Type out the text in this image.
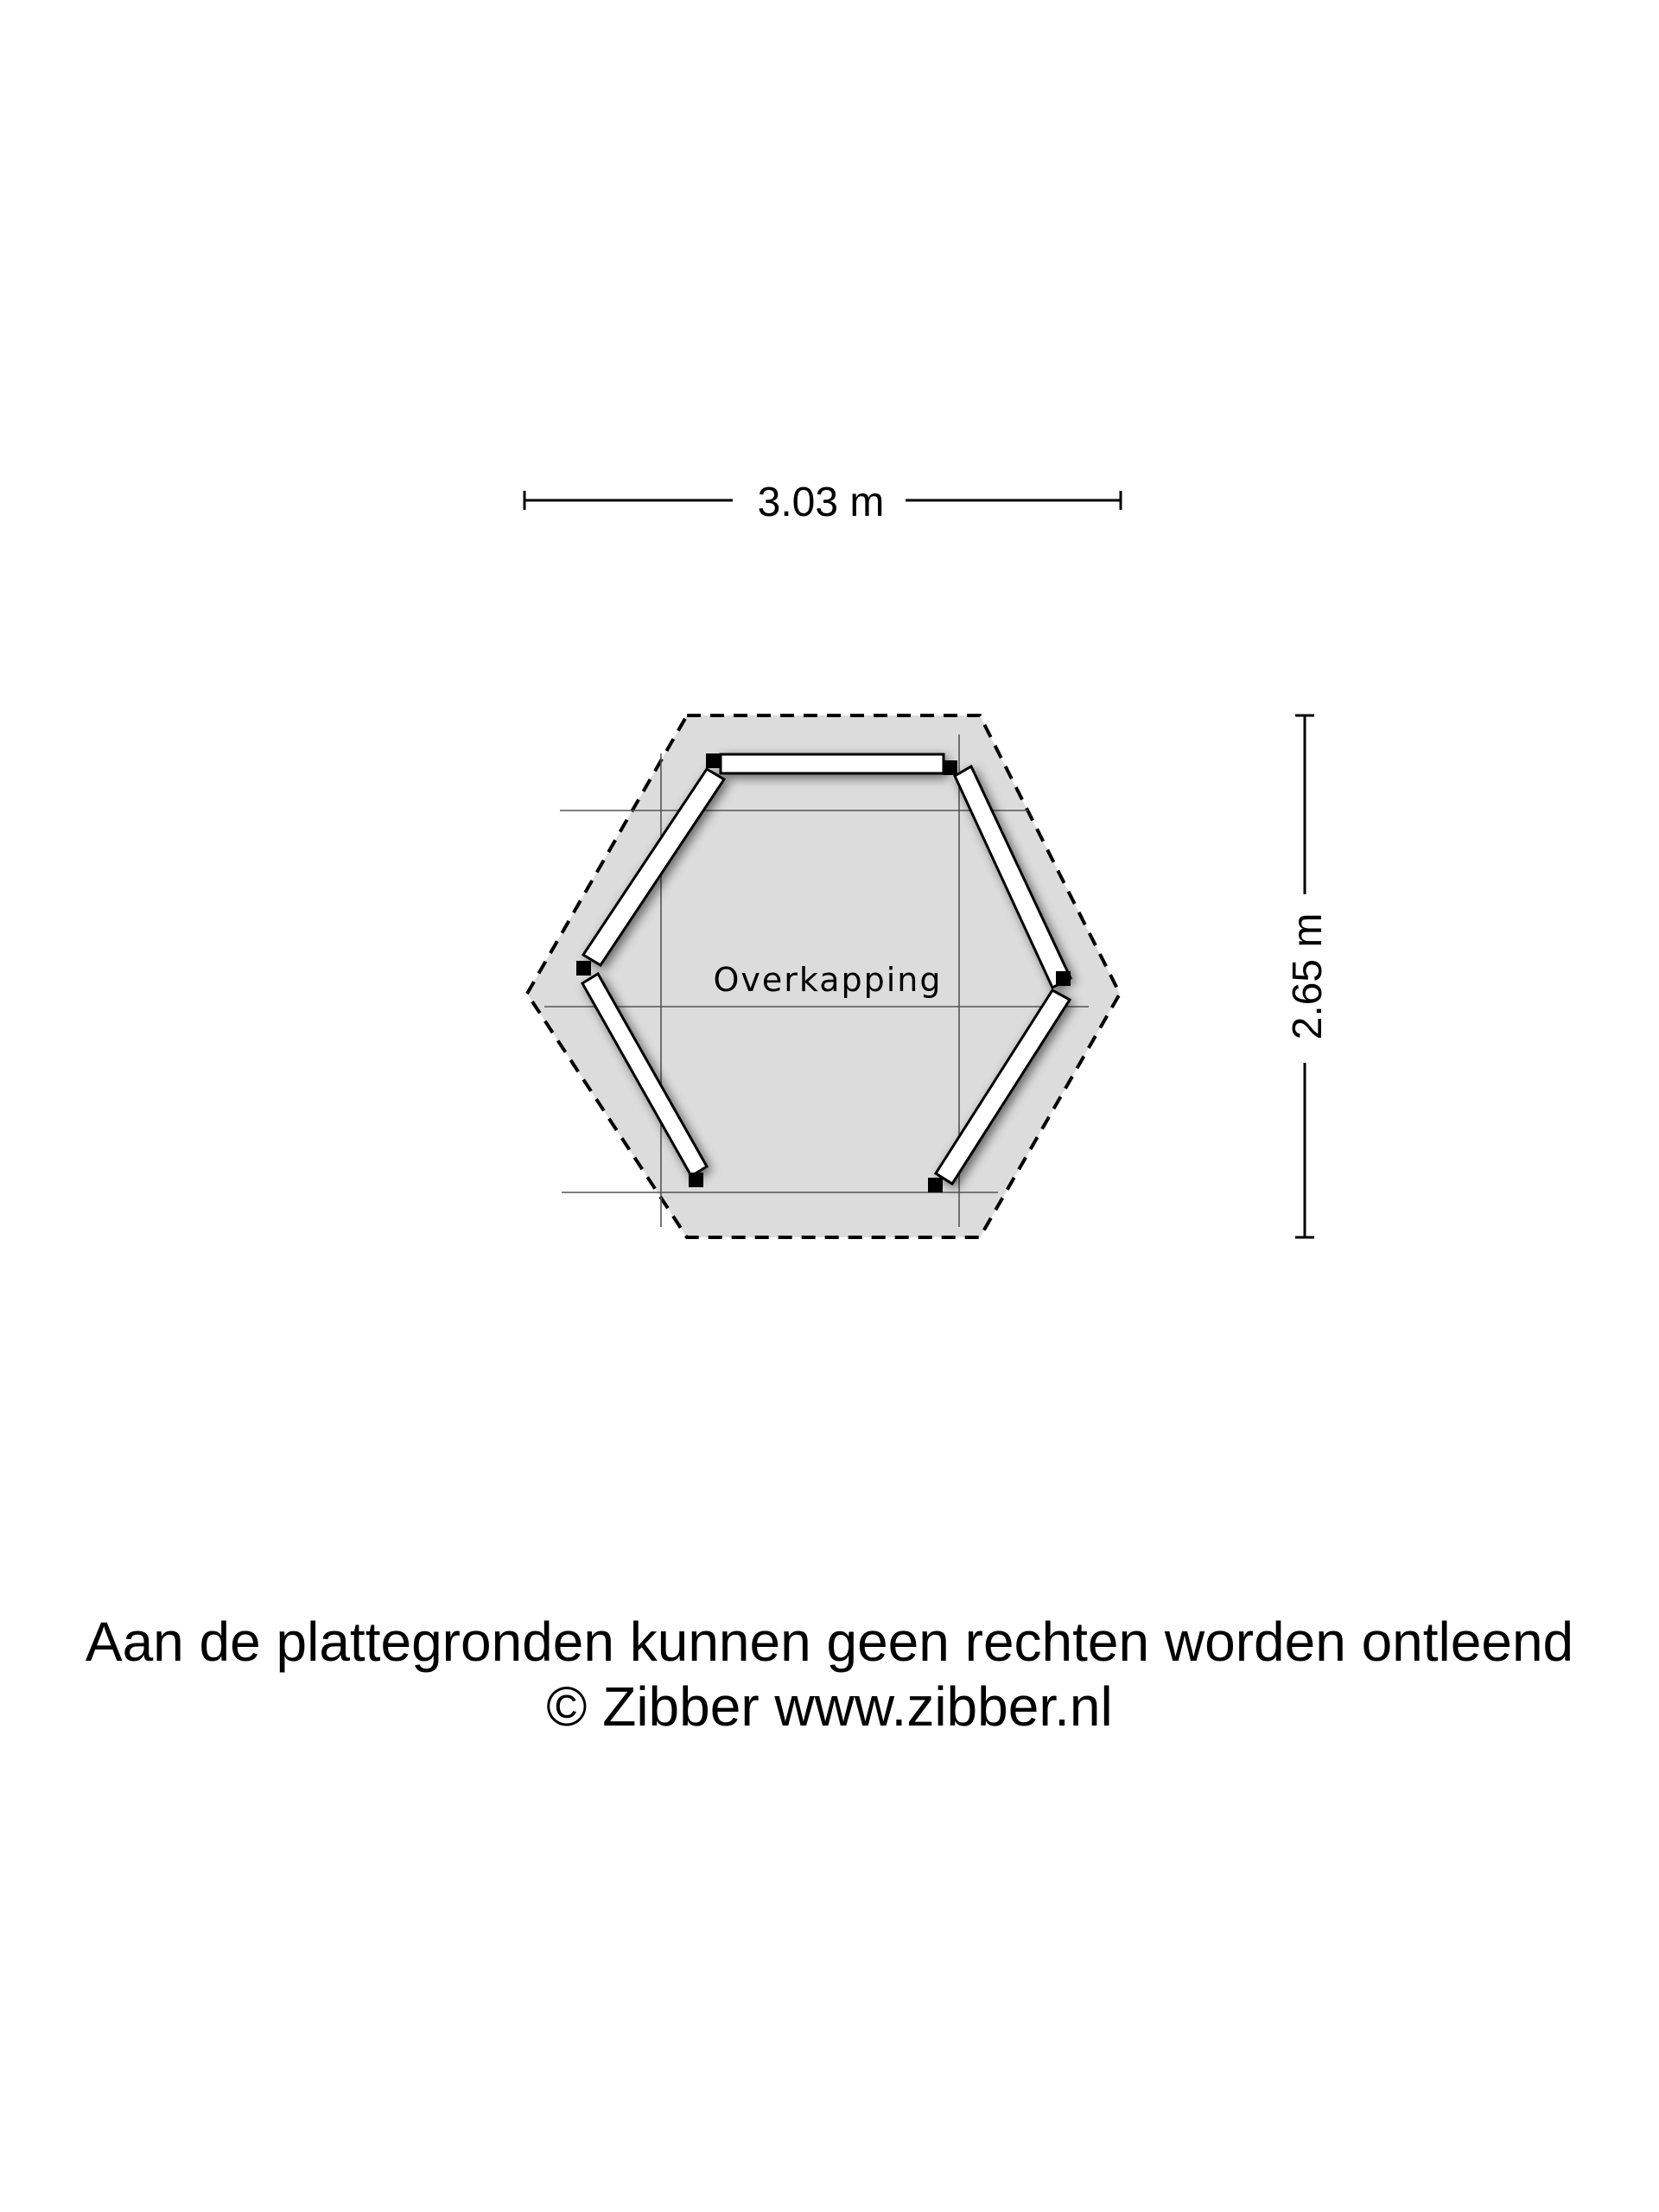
Overkapping
3.03 m
2.65 m
Aan de plattegronden kunnen geen rechten worden ontleend
© Zibber www.zibber.nl
